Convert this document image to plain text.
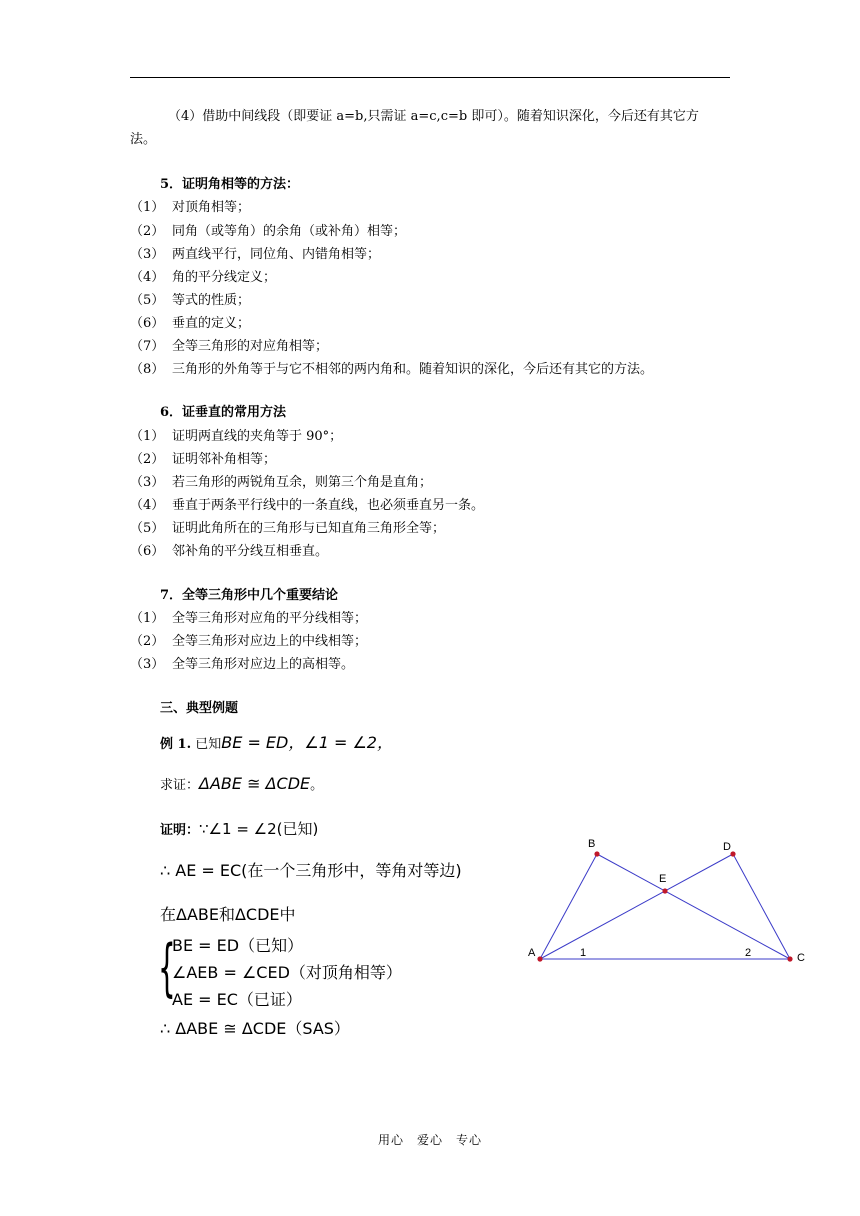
（4）借助中间线段（即要证 a=b,只需证 a=c,c=b 即可）。随着知识深化，今后还有其它方
法。
5．证明角相等的方法：
（1） 对顶角相等；
（2） 同角（或等角）的余角（或补角）相等；
（3） 两直线平行，同位角、内错角相等；
（4） 角的平分线定义；
（5） 等式的性质；
（6） 垂直的定义；
（7） 全等三角形的对应角相等；
（8） 三角形的外角等于与它不相邻的两内角和。随着知识的深化，今后还有其它的方法。
6．证垂直的常用方法
（1） 证明两直线的夹角等于 90°；
（2） 证明邻补角相等；
（3） 若三角形的两锐角互余，则第三个角是直角；
（4） 垂直于两条平行线中的一条直线，也必须垂直另一条。
（5） 证明此角所在的三角形与已知直角三角形全等；
（6） 邻补角的平分线互相垂直。
7．全等三角形中几个重要结论
（1） 全等三角形对应角的平分线相等；
（2） 全等三角形对应边上的中线相等；
（3） 全等三角形对应边上的高相等。
三、典型例题
例 1. 已知BE = ED，∠1 = ∠2，
求证：ΔABE ≅ ΔCDE。
证明：∵∠1 = ∠2(已知)
∴ AE = EC(在一个三角形中，等角对等边)
在ΔABE和ΔCDE中
{
BE = ED（已知）
∠AEB = ∠CED（对顶角相等）
AE = EC（已证）
∴ ΔABE ≅ ΔCDE（SAS）
A
B
C
D
E
1	2
用心　爱心　专心
